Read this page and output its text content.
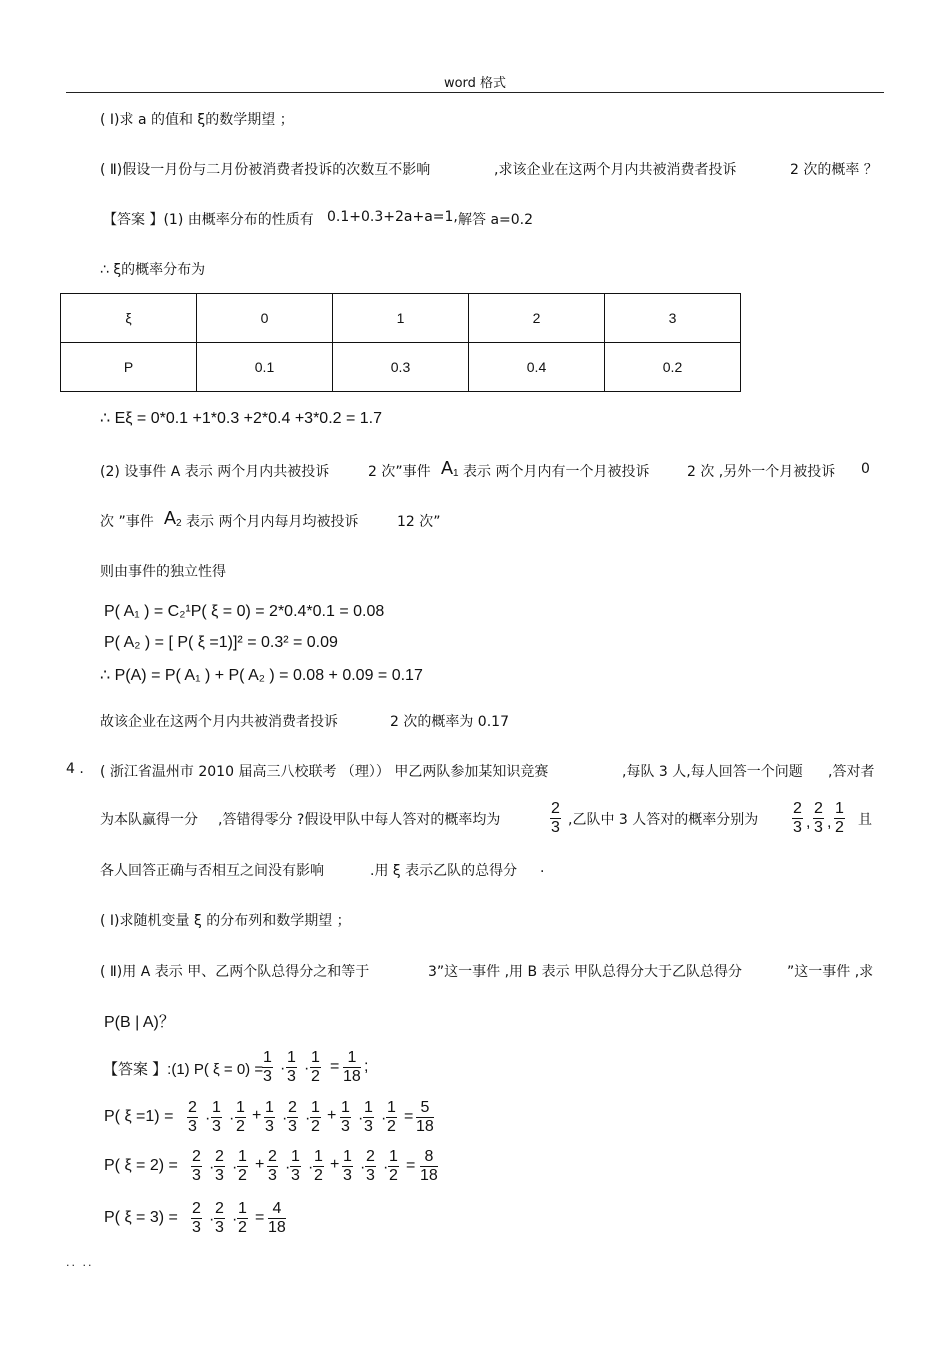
word 格式
( Ⅰ)求 a 的值和 ξ的数学期望 ；
( Ⅱ)假设一月份与二月份被消费者投诉的次数互不影响	,求该企业在这两个月内共被消费者投诉	2 次的概率 ？
【答案 】(1) 由概率分布的性质有 0.1+0.3+2a+a=1, 解答 a=0.2
∴ ξ的概率分布为
ξ	0	1	2	3
P	0.1	0.3	0.4	0.2
∴ Eξ = 0*0.1 +1*0.3 +2*0.4 +3*0.2 = 1.7
(2) 设事件 A 表示 两个月内共被投诉	2 次”事件 A 1 表示 两个月内有一个月被投诉	2 次 ,另外一个月被投诉 0
次 ”事件 A 2 表示 两个月内每月均被投诉	12 次”
则由事件的独立性得
P( A₁ ) = C₂¹P( ξ = 0) = 2*0.4*0.1 = 0.08
P( A₂ ) = [ P( ξ =1)]² = 0.3² = 0.09
∴ P(A) = P( A₁ ) + P( A₂ ) = 0.08 + 0.09 = 0.17
故该企业在这两个月内共被消费者投诉	2 次的概率为 0.17
4 . ( 浙江省温州市 2010 届高三八校联考 （理）） 甲乙两队参加某知识竞赛	,每队 3 人,每人回答一个问题 ,答对者
为本队赢得一分 ,答错得零分 ?假设甲队中每人答对的概率均为	$\frac{2}{3}$ ,乙队中 3 人答对的概率分别为 $\frac{2}{3}$ , $\frac{2}{3}$ , $\frac{1}{2}$ 且
各人回答正确与否相互之间没有影响	.用 ξ 表示乙队的总得分 .
( Ⅰ)求随机变量 ξ 的分布列和数学期望 ；
( Ⅱ)用 A 表示 甲、乙两个队总得分之和等于	3”这一事件 ,用 B 表示 甲队总得分大于乙队总得分	”这一事件 ,求
P(B | A)？
【答案 】:(1) P( ξ = 0) =
$\frac{1}{3} \cdot \frac{1}{3} \cdot \frac{1}{2} = \frac{1}{18}$ ;
P( $\xi =1) = \frac{2}{3} \cdot \frac{1}{3} \cdot \frac{1}{2} + \frac{1}{3} \cdot \frac{2}{3} \cdot \frac{1}{2} + \frac{1}{3} \cdot \frac{1}{3} \cdot \frac{1}{2} = \frac{5}{18}$
P( $\xi = 2) = \frac{2}{3} \cdot \frac{2}{3} \cdot \frac{1}{2} + \frac{2}{3} \cdot \frac{1}{3} \cdot \frac{1}{2} + \frac{1}{3} \cdot \frac{2}{3} \cdot \frac{1}{2} = \frac{8}{18}$
P( $\xi = 3) = \frac{2}{3} \cdot \frac{2}{3} \cdot \frac{1}{2} = \frac{4}{18}$
.. ..
